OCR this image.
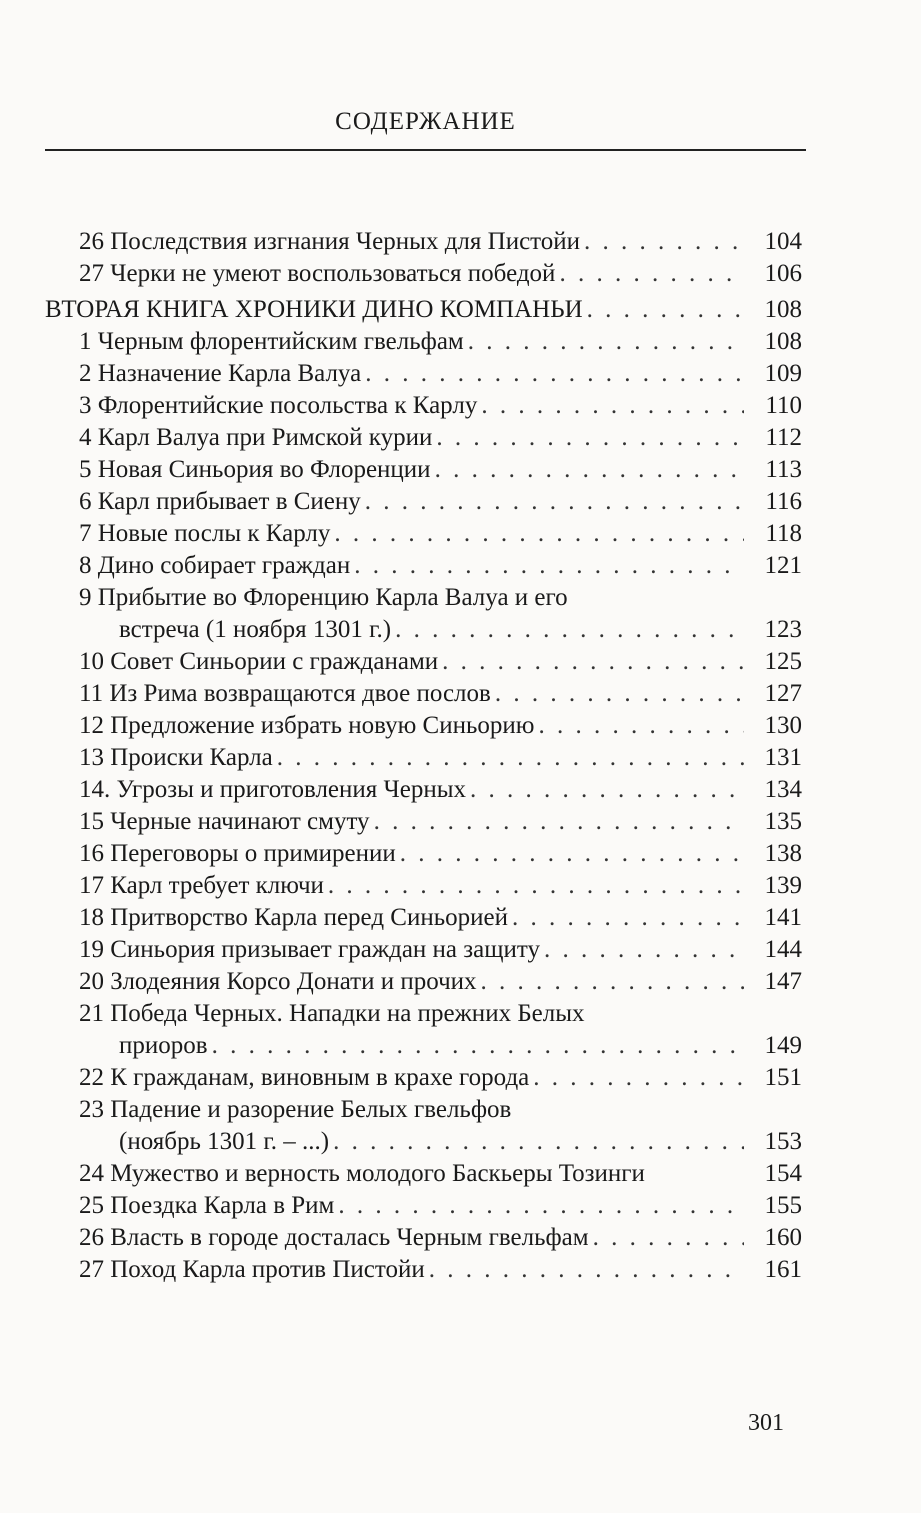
СОДЕРЖАНИЕ
26 Последствия изгнания Черных для Пистойи . . .	104
27 Черки не умеют воспользоваться победой . . .	106
ВТОРАЯ КНИГА ХРОНИКИ ДИНО КОМПАНЬИ . . .	108
1 Черным флорентийским гвельфам . . .	108
2 Назначение Карла Валуа . . .	109
3 Флорентийские посольства к Карлу . . .	110
4 Карл Валуа при Римской курии . . .	112
5 Новая Синьория во Флоренции . . .	113
6 Карл прибывает в Сиену . . .	116
7 Новые послы к Карлу . . .	118
8 Дино собирает граждан . . .	121
9 Прибытие во Флоренцию Карла Валуа и его
встреча (1 ноября 1301 г.) . . .	123
10 Совет Синьории с гражданами . . .	125
11 Из Рима возвращаются двое послов . . .	127
12 Предложение избрать новую Синьорию . . .	130
13 Происки Карла . . .	131
14. Угрозы и приготовления Черных . . .	134
15 Черные начинают смуту . . .	135
16 Переговоры о примирении . . .	138
17 Карл требует ключи . . .	139
18 Притворство Карла перед Синьорией . . .	141
19 Синьория призывает граждан на защиту . . .	144
20 Злодеяния Корсо Донати и прочих . . .	147
21 Победа Черных. Нападки на прежних Белых
приоров . . .	149
22 К гражданам, виновным в крахе города . . .	151
23 Падение и разорение Белых гвельфов
(ноябрь 1301 г. – ...) . . .	153
24 Мужество и верность молодого Баскьеры Тозинги	154
25 Поездка Карла в Рим . . .	155
26 Власть в городе досталась Черным гвельфам . . .	160
27 Поход Карла против Пистойи . . .	161
301
